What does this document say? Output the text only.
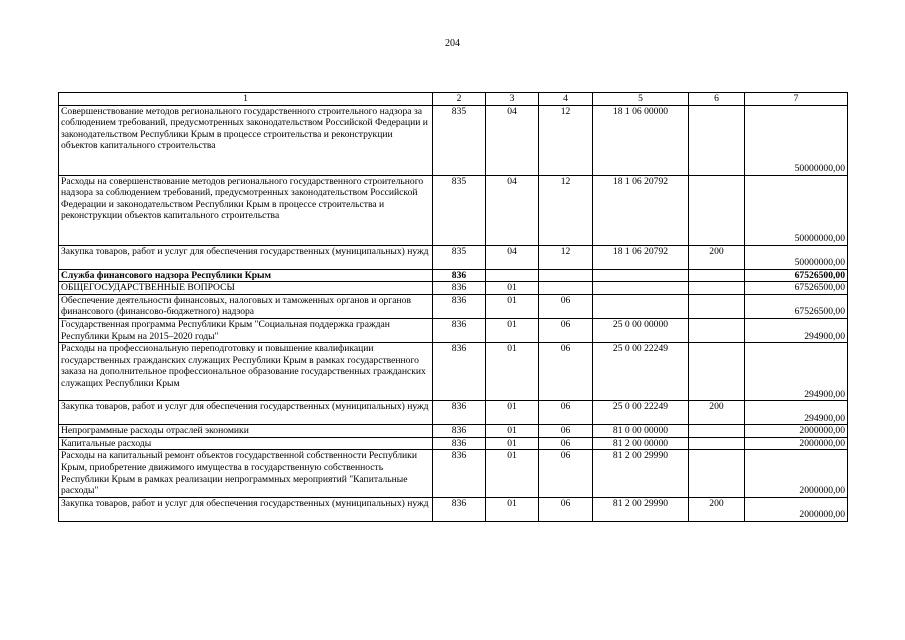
204
1	2	3	4	5	6	7
Совершенствование методов регионального государственного строительного надзора за соблюдением требований, предусмотренных законодательством Российской Федерации и законодательством Республики Крым в процессе строительства и реконструкции объектов капитального строительства	835	04	12	18 1 06 00000		50000000,00
Расходы на совершенствование методов регионального государственного строительного надзора за соблюдением требований, предусмотренных законодательством Российской Федерации и законодательством Республики Крым в процессе строительства и реконструкции объектов капитального строительства	835	04	12	18 1 06 20792		50000000,00
Закупка товаров, работ и услуг для обеспечения государственных (муниципальных) нужд	835	04	12	18 1 06 20792	200	50000000,00
Служба финансового надзора Республики Крым	836					67526500,00
ОБЩЕГОСУДАРСТВЕННЫЕ ВОПРОСЫ	836	01				67526500,00
Обеспечение деятельности финансовых, налоговых и таможенных органов и органов финансового (финансово-бюджетного) надзора	836	01	06			67526500,00
Государственная программа Республики Крым "Социальная поддержка граждан Республики Крым на 2015–2020 годы"	836	01	06	25 0 00 00000		294900,00
Расходы на профессиональную переподготовку и повышение квалификации государственных гражданских служащих Республики Крым в рамках государственного заказа на дополнительное профессиональное образование государственных гражданских служащих Республики Крым	836	01	06	25 0 00 22249		294900,00
Закупка товаров, работ и услуг для обеспечения государственных (муниципальных) нужд	836	01	06	25 0 00 22249	200	294900,00
Непрограммные расходы отраслей экономики	836	01	06	81 0 00 00000		2000000,00
Капитальные расходы	836	01	06	81 2 00 00000		2000000,00
Расходы на капитальный ремонт объектов государственной собственности Республики Крым, приобретение движимого имущества в государственную собственность Республики Крым в рамках реализации непрограммных мероприятий "Капитальные расходы"	836	01	06	81 2 00 29990		2000000,00
Закупка товаров, работ и услуг для обеспечения государственных (муниципальных) нужд	836	01	06	81 2 00 29990	200	2000000,00
